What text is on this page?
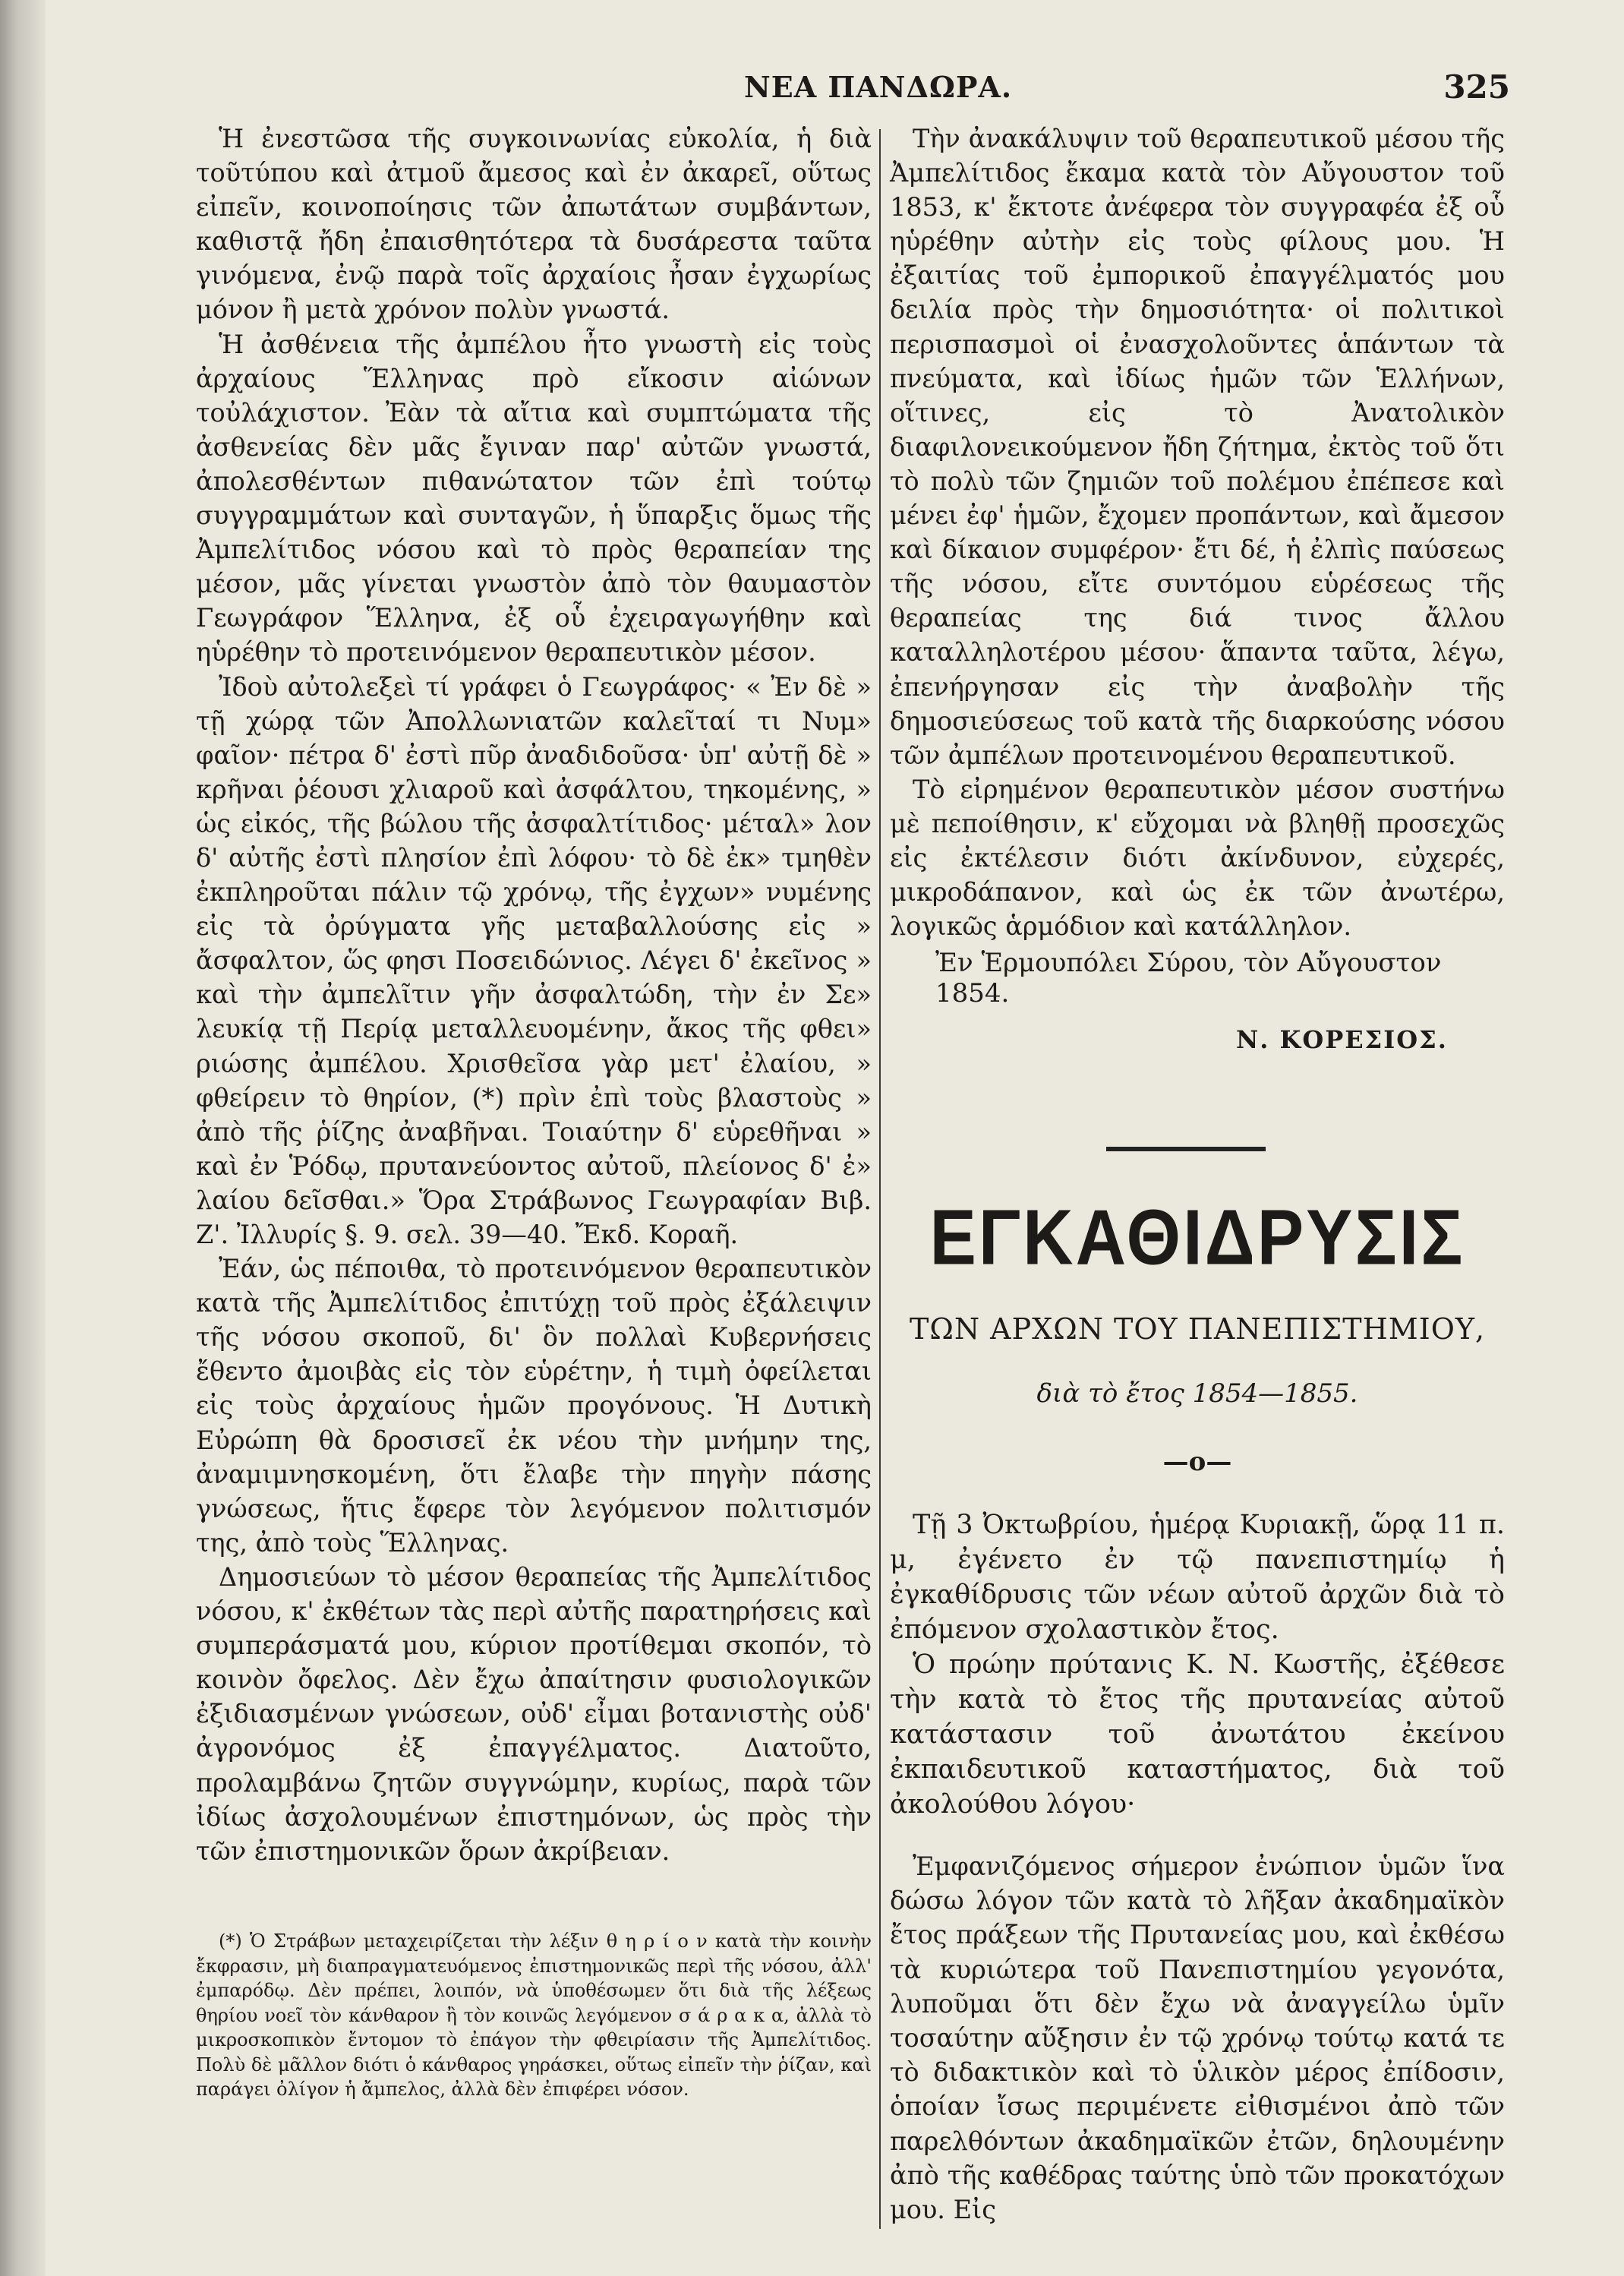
ΝΕΑ ΠΑΝΔΩΡΑ.	325

Ἡ ἐνεστῶσα τῆς συγκοινωνίας εὐκολία, ἡ διὰ τοῦτύπου καὶ ἀτμοῦ ἄμεσος καὶ ἐν ἀκαρεῖ, οὕτως εἰπεῖν, κοινοποίησις τῶν ἀπωτάτων συμβάντων, καθιστᾷ ἤδη ἐπαισθητότερα τὰ δυσάρεστα ταῦτα γινόμενα, ἐνῷ παρὰ τοῖς ἀρχαίοις ἦσαν ἐγχωρίως μόνον ἢ μετὰ χρόνον πολὺν γνωστά.

Ἡ ἀσθένεια τῆς ἀμπέλου ἦτο γνωστὴ εἰς τοὺς ἀρχαίους Ἕλληνας πρὸ εἴκοσιν αἰώνων τοὐλάχιστον. Ἐὰν τὰ αἴτια καὶ συμπτώματα τῆς ἀσθενείας δὲν μᾶς ἔγιναν παρ' αὐτῶν γνωστά, ἀπολεσθέντων πιθανώτατον τῶν ἐπὶ τούτῳ συγγραμμάτων καὶ συνταγῶν, ἡ ὕπαρξις ὅμως τῆς Ἀμπελίτιδος νόσου καὶ τὸ πρὸς θεραπείαν της μέσον, μᾶς γίνεται γνωστὸν ἀπὸ τὸν θαυμαστὸν Γεωγράφον Ἕλληνα, ἐξ οὗ ἐχειραγωγήθην καὶ ηὑρέθην τὸ προτεινόμενον θεραπευτικὸν μέσον.

Ἰδοὺ αὐτολεξεὶ τί γράφει ὁ Γεωγράφος· « Ἐν δὲ » τῇ χώρᾳ τῶν Ἀπολλωνιατῶν καλεῖταί τι Νυμ» φαῖον· πέτρα δ' ἐστὶ πῦρ ἀναδιδοῦσα· ὑπ' αὐτῇ δὲ » κρῆναι ῥέουσι χλιαροῦ καὶ ἀσφάλτου, τηκομένης, » ὡς εἰκός, τῆς βώλου τῆς ἀσφαλτίτιδος· μέταλ» λον δ' αὐτῆς ἐστὶ πλησίον ἐπὶ λόφου· τὸ δὲ ἐκ» τμηθὲν ἐκπληροῦται πάλιν τῷ χρόνῳ, τῆς ἐγχων» νυμένης εἰς τὰ ὀρύγματα γῆς μεταβαλλούσης εἰς » ἄσφαλτον, ὥς φησι Ποσειδώνιος. Λέγει δ' ἐκεῖνος » καὶ τὴν ἀμπελῖτιν γῆν ἀσφαλτώδη, τὴν ἐν Σε» λευκίᾳ τῇ Περίᾳ μεταλλευομένην, ἄκος τῆς φθει» ριώσης ἀμπέλου. Χρισθεῖσα γὰρ μετ' ἐλαίου, » φθείρειν τὸ θηρίον, (*) πρὶν ἐπὶ τοὺς βλαστοὺς » ἀπὸ τῆς ῥίζης ἀναβῆναι. Τοιαύτην δ' εὑρεθῆναι » καὶ ἐν Ῥόδῳ, πρυτανεύοντος αὐτοῦ, πλείονος δ' ἐ» λαίου δεῖσθαι.» Ὅρα Στράβωνος Γεωγραφίαν Βιβ. Ζ'. Ἰλλυρίς §. 9. σελ. 39—40. Ἔκδ. Κοραῆ.

Ἐάν, ὡς πέποιθα, τὸ προτεινόμενον θεραπευτικὸν κατὰ τῆς Ἀμπελίτιδος ἐπιτύχῃ τοῦ πρὸς ἐξάλειψιν τῆς νόσου σκοποῦ, δι' ὃν πολλαὶ Κυβερνήσεις ἔθεντο ἀμοιβὰς εἰς τὸν εὑρέτην, ἡ τιμὴ ὀφείλεται εἰς τοὺς ἀρχαίους ἡμῶν προγόνους. Ἡ Δυτικὴ Εὐρώπη θὰ δροσισεῖ ἐκ νέου τὴν μνήμην της, ἀναμιμνησκομένη, ὅτι ἔλαβε τὴν πηγὴν πάσης γνώσεως, ἥτις ἔφερε τὸν λεγόμενον πολιτισμόν της, ἀπὸ τοὺς Ἕλληνας.

Δημοσιεύων τὸ μέσον θεραπείας τῆς Ἀμπελίτιδος νόσου, κ' ἐκθέτων τὰς περὶ αὐτῆς παρατηρήσεις καὶ συμπεράσματά μου, κύριον προτίθεμαι σκοπόν, τὸ κοινὸν ὄφελος. Δὲν ἔχω ἀπαίτησιν φυσιολογικῶν ἐξιδιασμένων γνώσεων, οὐδ' εἶμαι βοτανιστὴς οὐδ' ἀγρονόμος ἐξ ἐπαγγέλματος. Διατοῦτο, προλαμβάνω ζητῶν συγγνώμην, κυρίως, παρὰ τῶν ἰδίως ἀσχολουμένων ἐπιστημόνων, ὡς πρὸς τὴν τῶν ἐπιστημονικῶν ὅρων ἀκρίβειαν.

(*) Ὁ Στράβων μεταχειρίζεται τὴν λέξιν θ η ρ ί ο ν κατὰ τὴν κοινὴν ἔκφρασιν, μὴ διαπραγματευόμενος ἐπιστημονικῶς περὶ τῆς νόσου, ἀλλ' ἐμπαρόδῳ. Δὲν πρέπει, λοιπόν, νὰ ὑποθέσωμεν ὅτι διὰ τῆς λέξεως θηρίου νοεῖ τὸν κάνθαρον ἢ τὸν κοινῶς λεγόμενον σ ά ρ α κ α, ἀλλὰ τὸ μικροσκοπικὸν ἔντομον τὸ ἐπάγον τὴν φθειρίασιν τῆς Ἀμπελίτιδος. Πολὺ δὲ μᾶλλον διότι ὁ κάνθαρος γηράσκει, οὕτως εἰπεῖν τὴν ῥίζαν, καὶ παράγει ὀλίγον ἡ ἄμπελος, ἀλλὰ δὲν ἐπιφέρει νόσον.

Τὴν ἀνακάλυψιν τοῦ θεραπευτικοῦ μέσου τῆς Ἀμπελίτιδος ἔκαμα κατὰ τὸν Αὔγουστον τοῦ 1853, κ' ἔκτοτε ἀνέφερα τὸν συγγραφέα ἐξ οὗ ηὑρέθην αὐτὴν εἰς τοὺς φίλους μου. Ἡ ἐξαιτίας τοῦ ἐμπορικοῦ ἐπαγγέλματός μου δειλία πρὸς τὴν δημοσιότητα· οἱ πολιτικοὶ περισπασμοὶ οἱ ἐνασχολοῦντες ἁπάντων τὰ πνεύματα, καὶ ἰδίως ἡμῶν τῶν Ἑλλήνων, οἵτινες, εἰς τὸ Ἀνατολικὸν διαφιλονεικούμενον ἤδη ζήτημα, ἐκτὸς τοῦ ὅτι τὸ πολὺ τῶν ζημιῶν τοῦ πολέμου ἐπέπεσε καὶ μένει ἐφ' ἡμῶν, ἔχομεν προπάντων, καὶ ἄμεσον καὶ δίκαιον συμφέρον· ἔτι δέ, ἡ ἐλπὶς παύσεως τῆς νόσου, εἴτε συντόμου εὑρέσεως τῆς θεραπείας της διά τινος ἄλλου καταλληλοτέρου μέσου· ἅπαντα ταῦτα, λέγω, ἐπενήργησαν εἰς τὴν ἀναβολὴν τῆς δημοσιεύσεως τοῦ κατὰ τῆς διαρκούσης νόσου τῶν ἀμπέλων προτεινομένου θεραπευτικοῦ.

Τὸ εἰρημένον θεραπευτικὸν μέσον συστήνω μὲ πεποίθησιν, κ' εὔχομαι νὰ βληθῇ προσεχῶς εἰς ἐκτέλεσιν διότι ἀκίνδυνον, εὐχερές, μικροδάπανον, καὶ ὡς ἐκ τῶν ἀνωτέρω, λογικῶς ἁρμόδιον καὶ κατάλληλον.

Ἐν Ἑρμουπόλει Σύρου, τὸν Αὔγουστον 1854.
Ν. ΚΟΡΕΣΙΟΣ.
ΕΓΚΑΘΙΔΡΥΣΙΣ
ΤΩΝ ΑΡΧΩΝ ΤΟΥ ΠΑΝΕΠΙΣΤΗΜΙΟΥ,
διὰ τὸ ἔτος 1854—1855.
—ο—

Τῇ 3 Ὀκτωβρίου, ἡμέρᾳ Κυριακῇ, ὥρᾳ 11 π. μ, ἐγένετο ἐν τῷ πανεπιστημίῳ ἡ ἐγκαθίδρυσις τῶν νέων αὐτοῦ ἀρχῶν διὰ τὸ ἐπόμενον σχολαστικὸν ἔτος.

Ὁ πρώην πρύτανις Κ. Ν. Κωστῆς, ἐξέθεσε τὴν κατὰ τὸ ἔτος τῆς πρυτανείας αὐτοῦ κατάστασιν τοῦ ἀνωτάτου ἐκείνου ἐκπαιδευτικοῦ καταστήματος, διὰ τοῦ ἀκολούθου λόγου·

Ἐμφανιζόμενος σήμερον ἐνώπιον ὑμῶν ἵνα δώσω λόγον τῶν κατὰ τὸ λῆξαν ἀκαδημαϊκὸν ἔτος πράξεων τῆς Πρυτανείας μου, καὶ ἐκθέσω τὰ κυριώτερα τοῦ Πανεπιστημίου γεγονότα, λυποῦμαι ὅτι δὲν ἔχω νὰ ἀναγγείλω ὑμῖν τοσαύτην αὔξησιν ἐν τῷ χρόνῳ τούτῳ κατά τε τὸ διδακτικὸν καὶ τὸ ὑλικὸν μέρος ἐπίδοσιν, ὁποίαν ἴσως περιμένετε εἰθισμένοι ἀπὸ τῶν παρελθόντων ἀκαδημαϊκῶν ἐτῶν, δηλουμένην ἀπὸ τῆς καθέδρας ταύτης ὑπὸ τῶν προκατόχων μου. Εἰς
